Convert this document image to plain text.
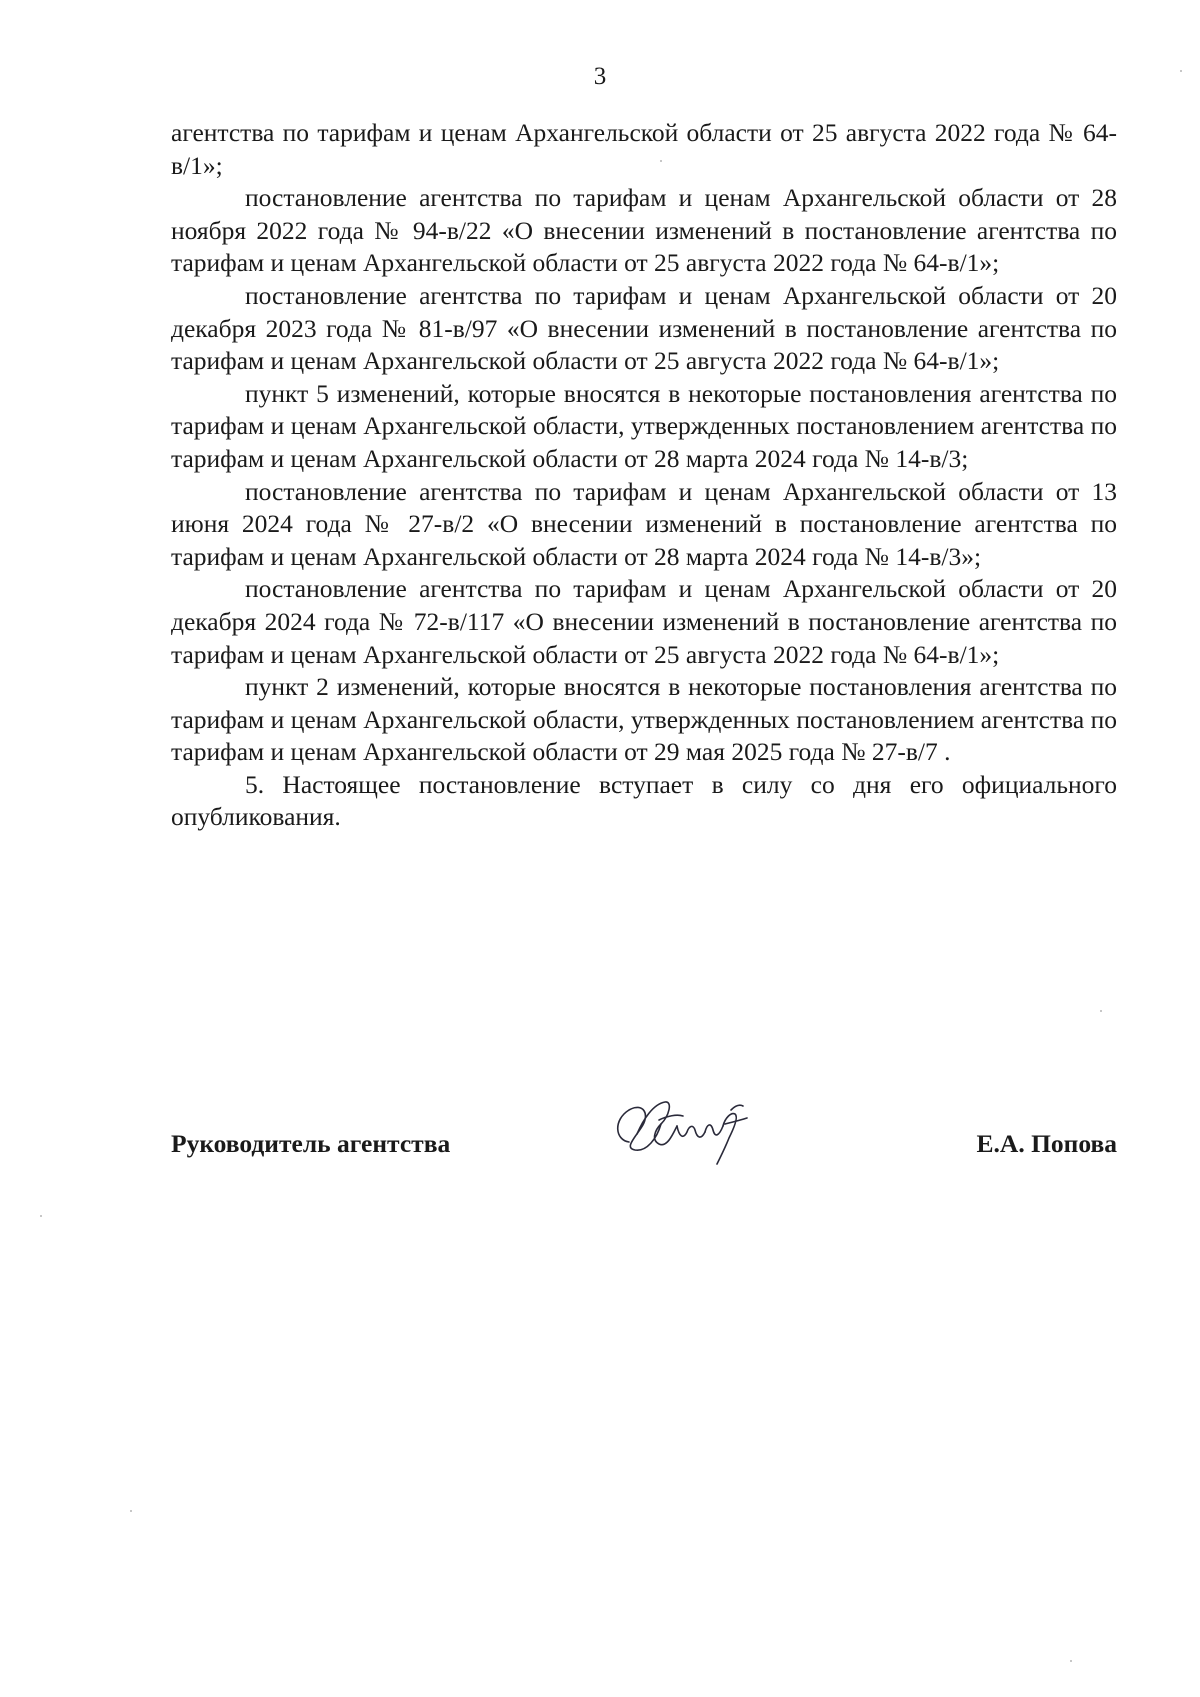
3

агентства по тарифам и ценам Архангельской области от 25 августа 2022 года № 64-в/1»;

постановление агентства по тарифам и ценам Архангельской области от 28 ноября 2022 года № 94-в/22 «О внесении изменений в постановление агентства по тарифам и ценам Архангельской области от 25 августа 2022 года № 64-в/1»;

постановление агентства по тарифам и ценам Архангельской области от 20 декабря 2023 года № 81-в/97 «О внесении изменений в постановление агентства по тарифам и ценам Архангельской области от 25 августа 2022 года № 64-в/1»;

пункт 5 изменений, которые вносятся в некоторые постановления агентства по тарифам и ценам Архангельской области, утвержденных постановлением агентства по тарифам и ценам Архангельской области от 28 марта 2024 года № 14-в/3;

постановление агентства по тарифам и ценам Архангельской области от 13 июня 2024 года № 27-в/2 «О внесении изменений в постановление агентства по тарифам и ценам Архангельской области от 28 марта 2024 года № 14-в/3»;

постановление агентства по тарифам и ценам Архангельской области от 20 декабря 2024 года № 72-в/117 «О внесении изменений в постановление агентства по тарифам и ценам Архангельской области от 25 августа 2022 года № 64-в/1»;

пункт 2 изменений, которые вносятся в некоторые постановления агентства по тарифам и ценам Архангельской области, утвержденных постановлением агентства по тарифам и ценам Архангельской области от 29 мая 2025 года № 27-в/7 .

5. Настоящее постановление вступает в силу со дня его официального опубликования.

Руководитель агентства	Е.А. Попова
